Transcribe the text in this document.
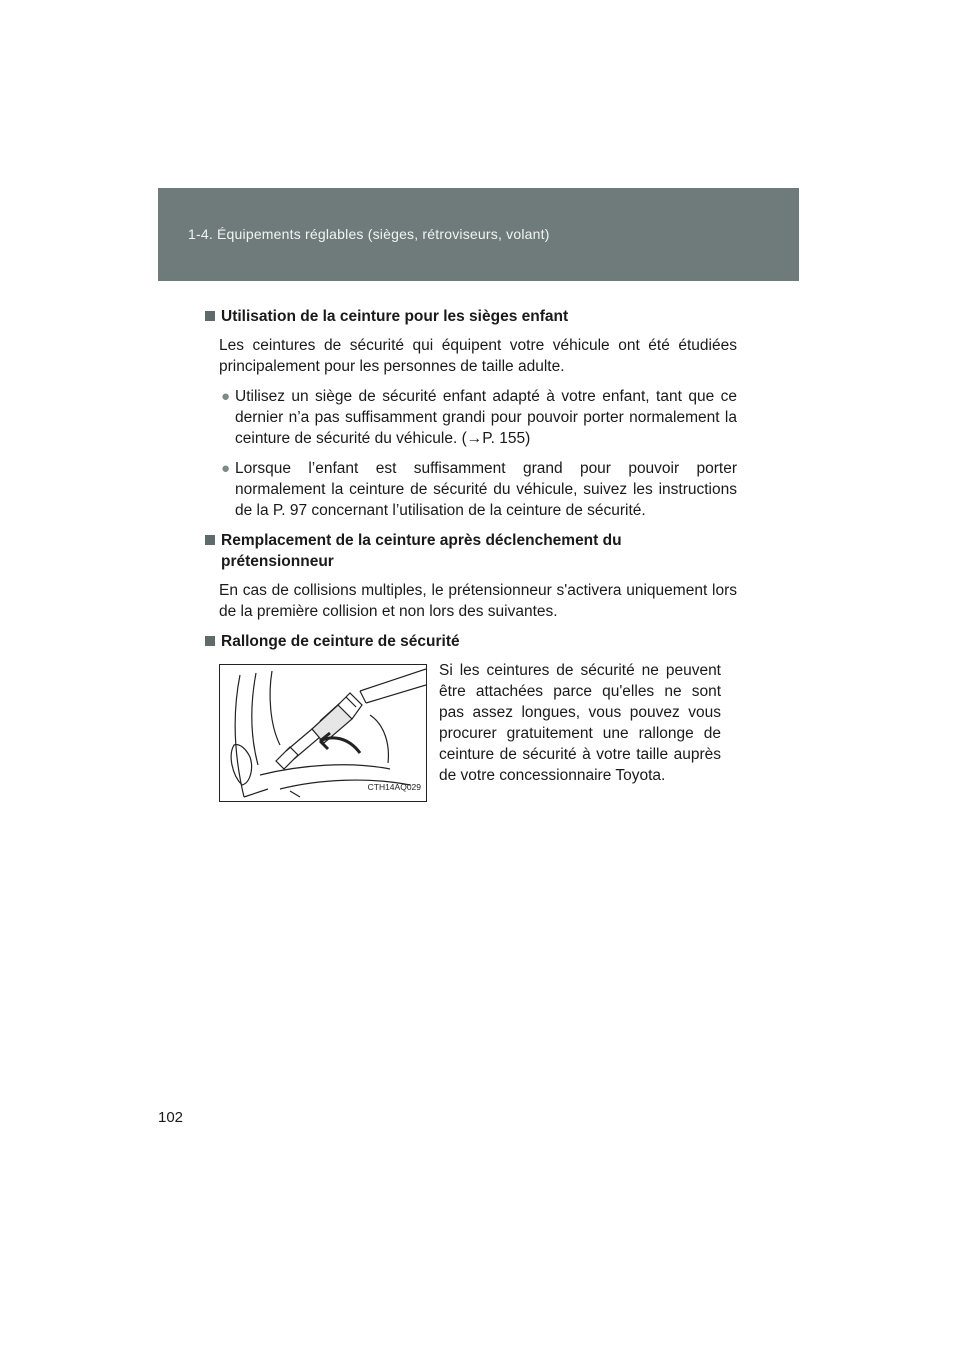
1-4. Équipements réglables (sièges, rétroviseurs, volant)
Utilisation de la ceinture pour les sièges enfant

Les ceintures de sécurité qui équipent votre véhicule ont été étudiées principalement pour les personnes de taille adulte.

● Utilisez un siège de sécurité enfant adapté à votre enfant, tant que ce dernier n’a pas suffisamment grandi pour pouvoir porter normalement la ceinture de sécurité du véhicule. (→P. 155)
● Lorsque l’enfant est suffisamment grand pour pouvoir porter normalement la ceinture de sécurité du véhicule, suivez les instructions de la P. 97 concernant l’utilisation de la ceinture de sécurité.
Remplacement de la ceinture après déclenchement du prétensionneur

En cas de collisions multiples, le prétensionneur s'activera uniquement lors de la première collision et non lors des suivantes.

Rallonge de ceinture de sécurité
CTH14AQ029

Si les ceintures de sécurité ne peuvent être attachées parce qu'elles ne sont pas assez longues, vous pouvez vous procurer gratuitement une rallonge de ceinture de sécurité à votre taille auprès de votre concessionnaire Toyota.

102
